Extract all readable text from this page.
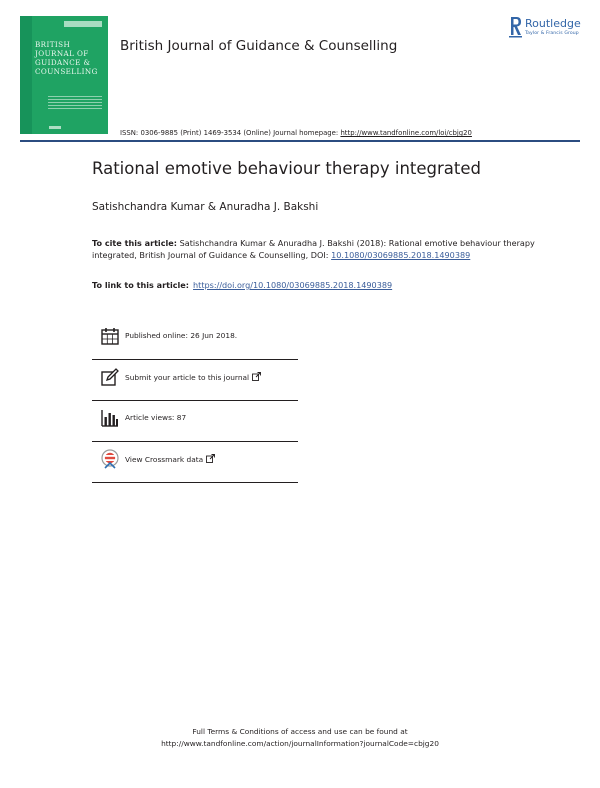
BRITISH
JOURNAL OF
GUIDANCE &
COUNSELLING
British Journal of Guidance & Counselling
Routledge
Taylor & Francis Group
ISSN: 0306-9885 (Print) 1469-3534 (Online) Journal homepage: http://www.tandfonline.com/loi/cbjg20
Rational emotive behaviour therapy integrated
Satishchandra Kumar & Anuradha J. Bakshi
To cite this article: Satishchandra Kumar & Anuradha J. Bakshi (2018): Rational emotive behaviour therapy integrated, British Journal of Guidance & Counselling, DOI: 10.1080/03069885.2018.1490389
To link to this article: https://doi.org/10.1080/03069885.2018.1490389
Published online: 26 Jun 2018.
Submit your article to this journal
Article views: 87
View Crossmark data
Full Terms & Conditions of access and use can be found at
http://www.tandfonline.com/action/journalInformation?journalCode=cbjg20
